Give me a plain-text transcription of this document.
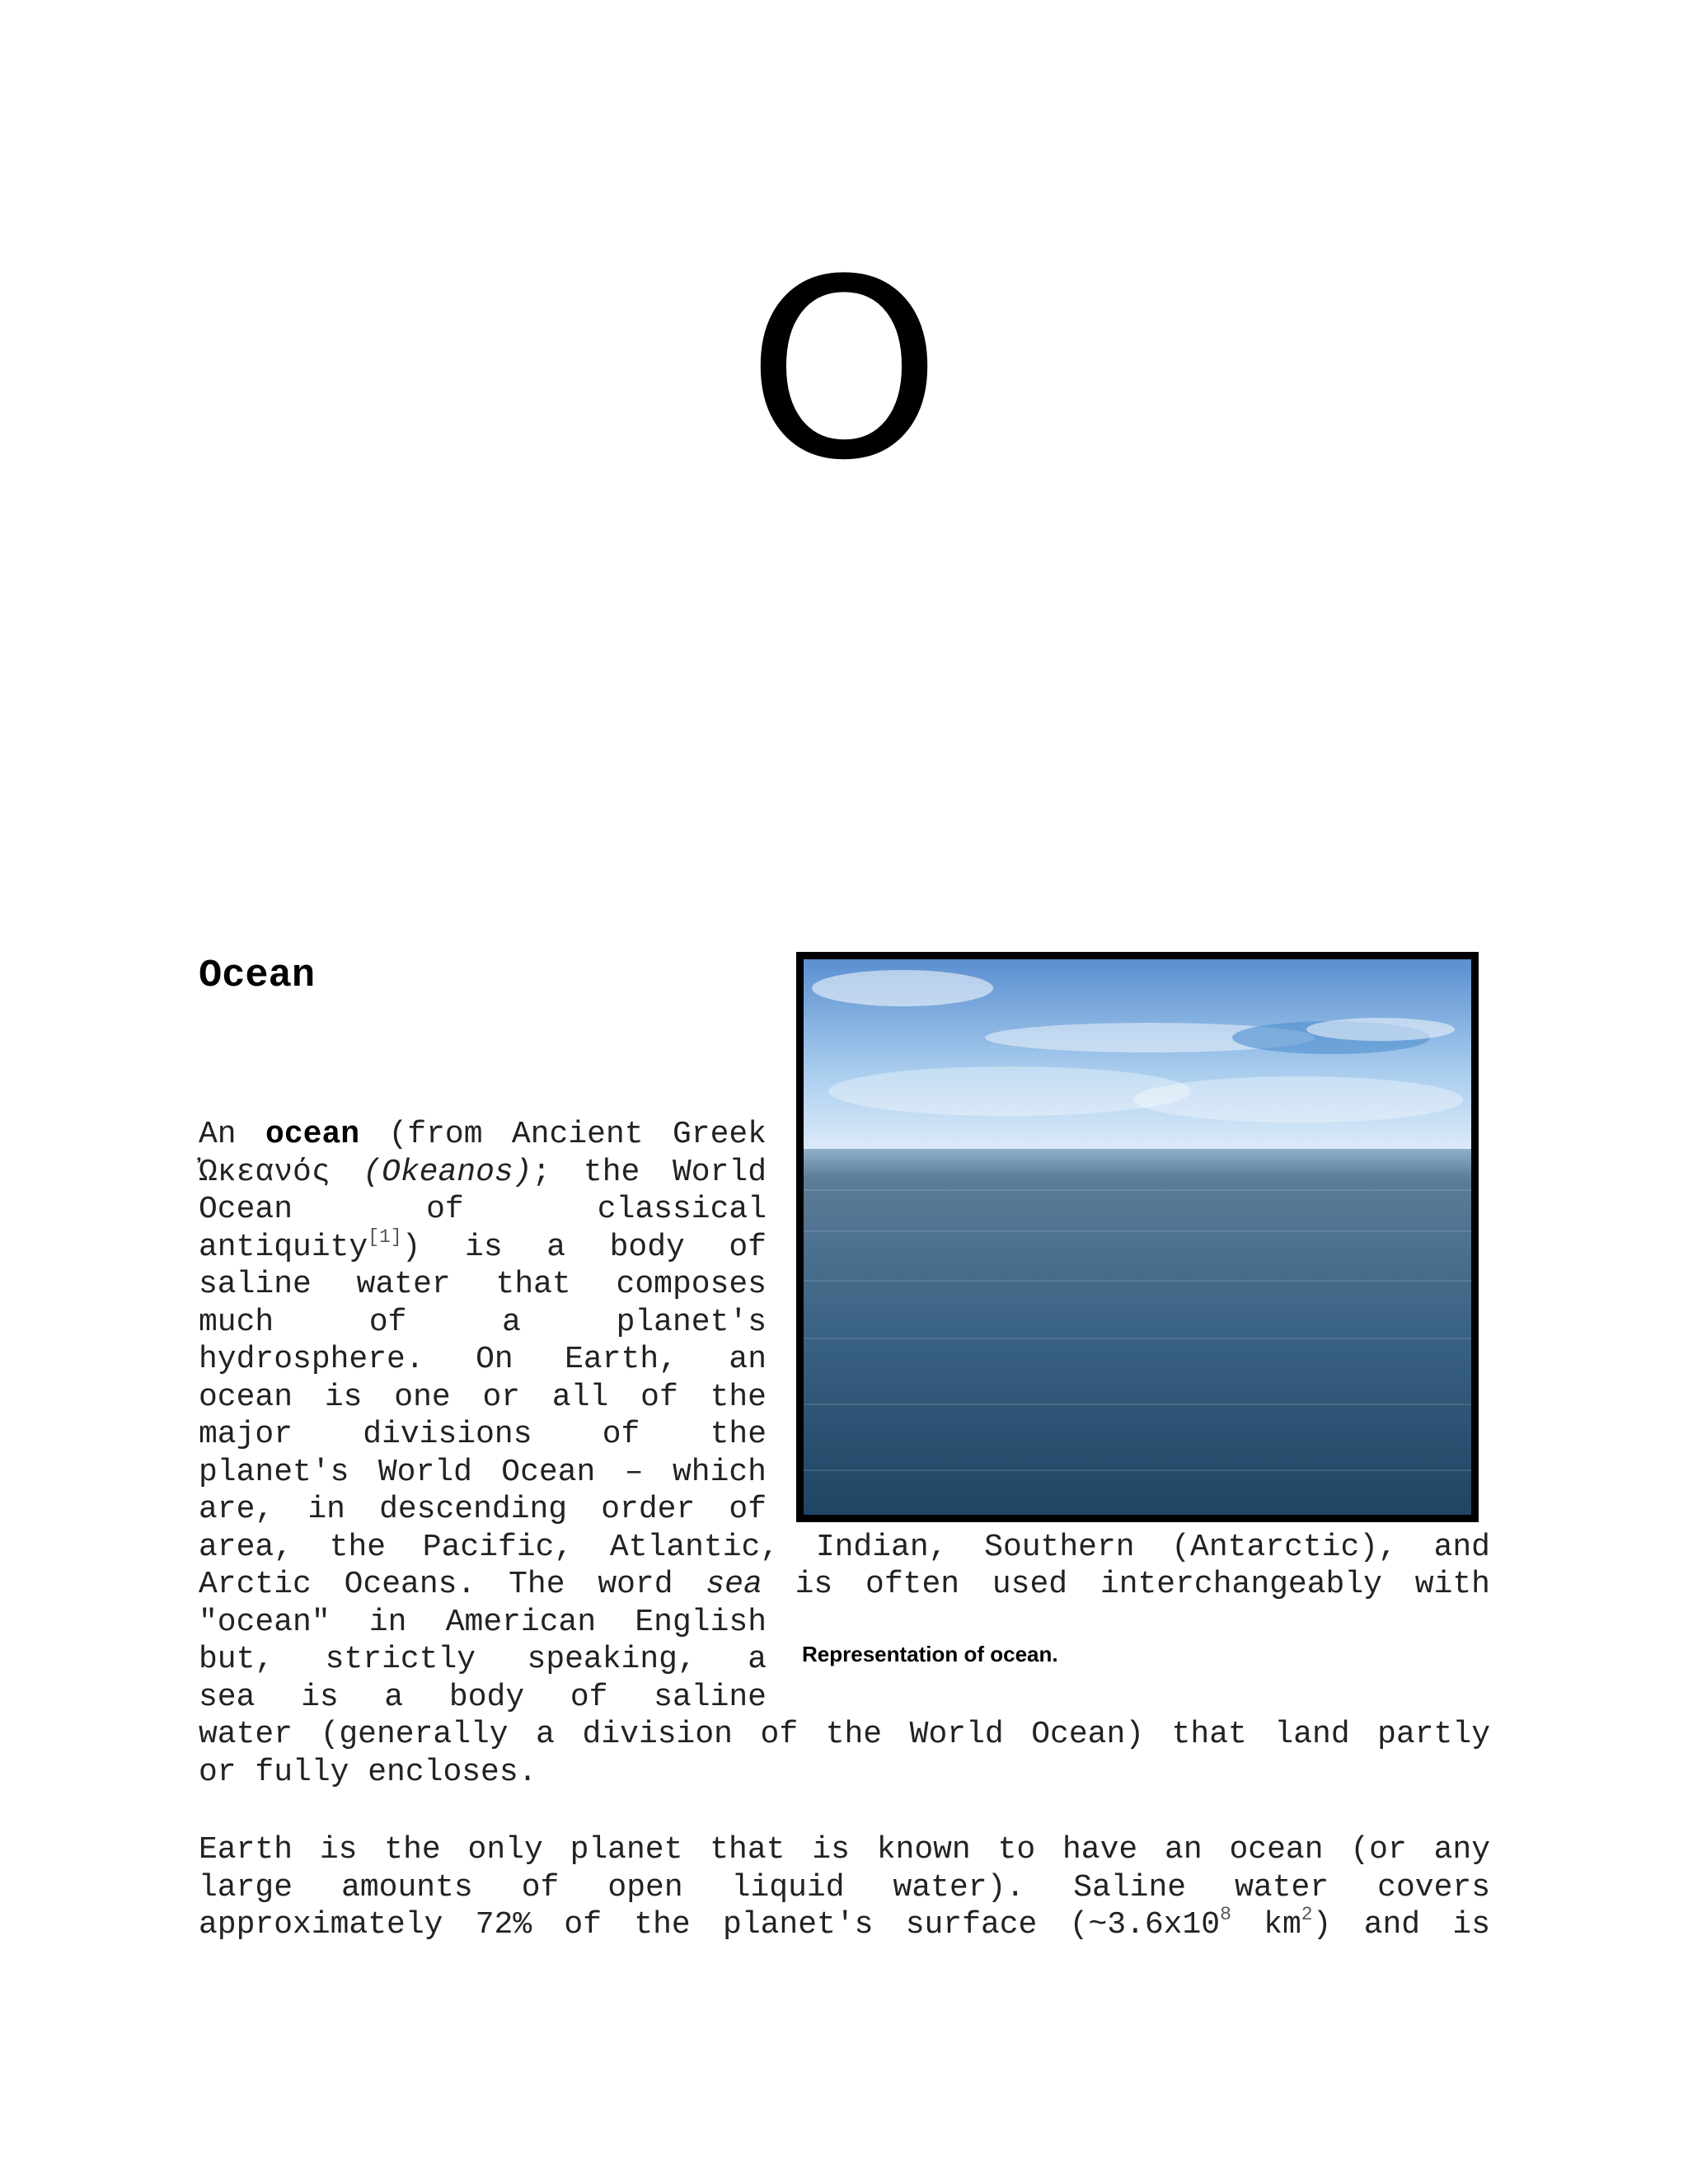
O
Ocean

Representation of ocean.

An ocean (from Ancient Greek
Ὠκεανός (Okeanos); the World
Ocean of classical
antiquity[1]) is a body of
saline water that composes
much of a planet's
hydrosphere. On Earth, an
ocean is one or all of the
major divisions of the
planet's World Ocean – which
are, in descending order of
area, the Pacific, Atlantic, Indian, Southern (Antarctic), and
Arctic Oceans. The word sea is often used interchangeably with
"ocean" in American English
but, strictly speaking, a
sea is a body of saline
water (generally a division of the World Ocean) that land partly
or fully encloses.
Earth is the only planet that is known to have an ocean (or any
large amounts of open liquid water). Saline water covers
approximately 72% of the planet's surface ($\sim 3.6x10^8$ $km^2$) and is
